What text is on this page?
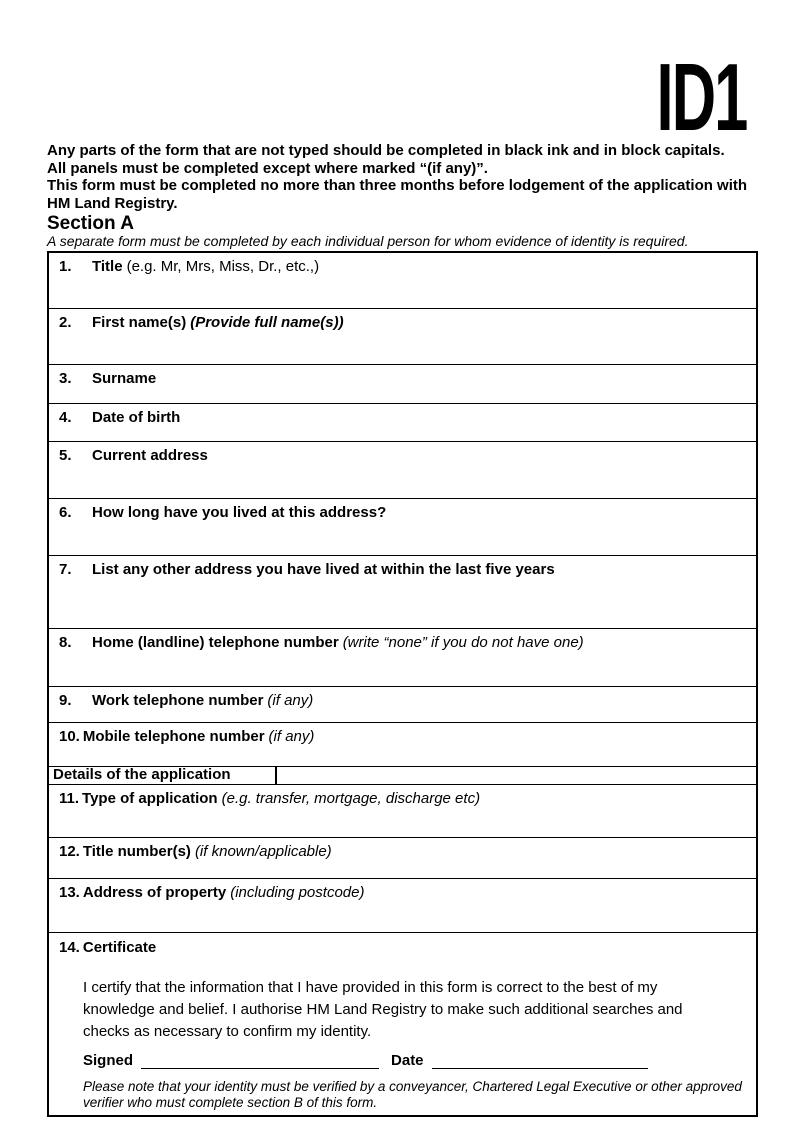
ID1
Any parts of the form that are not typed should be completed in black ink and in block capitals.
All panels must be completed except where marked “(if any)”.
This form must be completed no more than three months before lodgement of the application with
HM Land Registry.
Section A
A separate form must be completed by each individual person for whom evidence of identity is required.
1. Title (e.g. Mr, Mrs, Miss, Dr., etc.,)
2. First name(s) (Provide full name(s))
3. Surname
4. Date of birth
5. Current address
6. How long have you lived at this address?
7. List any other address you have lived at within the last five years
8. Home (landline) telephone number (write “none” if you do not have one)
9. Work telephone number (if any)
10. Mobile telephone number (if any)
Details of the application
11. Type of application (e.g. transfer, mortgage, discharge etc)
12. Title number(s) (if known/applicable)
13. Address of property (including postcode)
14. Certificate
I certify that the information that I have provided in this form is correct to the best of my
knowledge and belief. I authorise HM Land Registry to make such additional searches and
checks as necessary to confirm my identity.
Signed	Date
Please note that your identity must be verified by a conveyancer, Chartered Legal Executive or other approved
verifier who must complete section B of this form.
